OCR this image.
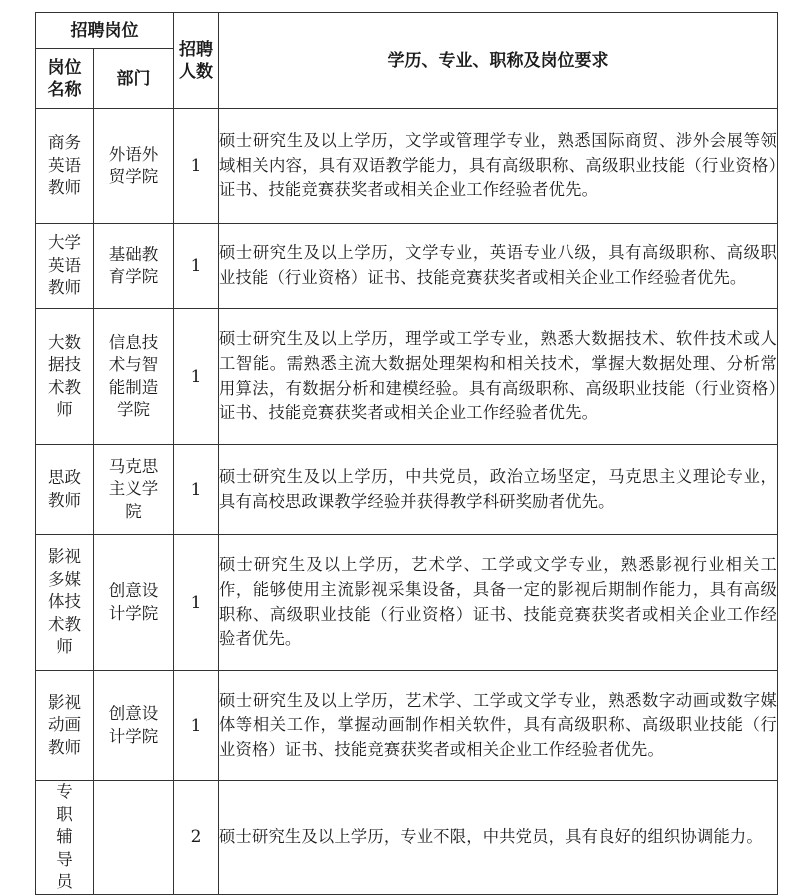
招聘岗位		招聘人数	学历、专业、职称及岗位要求

岗位名称	部门		

商务英语教师	外语外贸学院	1	硕士研究生及以上学历，文学或管理学专业，熟悉国际商贸、涉外会展等领域相关内容，具有双语教学能力，具有高级职称、高级职业技能（行业资格）证书、技能竞赛获奖者或相关企业工作经验者优先。

大学英语教师	基础教育学院	1	硕士研究生及以上学历，文学专业，英语专业八级，具有高级职称、高级职业技能（行业资格）证书、技能竞赛获奖者或相关企业工作经验者优先。

大数据技术教师	信息技术与智能制造学院	1	硕士研究生及以上学历，理学或工学专业，熟悉大数据技术、软件技术或人工智能。需熟悉主流大数据处理架构和相关技术，掌握大数据处理、分析常用算法，有数据分析和建模经验。具有高级职称、高级职业技能（行业资格）证书、技能竞赛获奖者或相关企业工作经验者优先。

思政教师	马克思主义学院	1	硕士研究生及以上学历，中共党员，政治立场坚定，马克思主义理论专业，具有高校思政课教学经验并获得教学科研奖励者优先。

影视多媒体技术教师	创意设计学院	1	硕士研究生及以上学历，艺术学、工学或文学专业，熟悉影视行业相关工作，能够使用主流影视采集设备，具备一定的影视后期制作能力，具有高级职称、高级职业技能（行业资格）证书、技能竞赛获奖者或相关企业工作经验者优先。

影视动画教师	创意设计学院	1	硕士研究生及以上学历，艺术学、工学或文学专业，熟悉数字动画或数字媒体等相关工作，掌握动画制作相关软件，具有高级职称、高级职业技能（行业资格）证书、技能竞赛获奖者或相关企业工作经验者优先。

专职辅导员		2	硕士研究生及以上学历，专业不限，中共党员，具有良好的组织协调能力。
